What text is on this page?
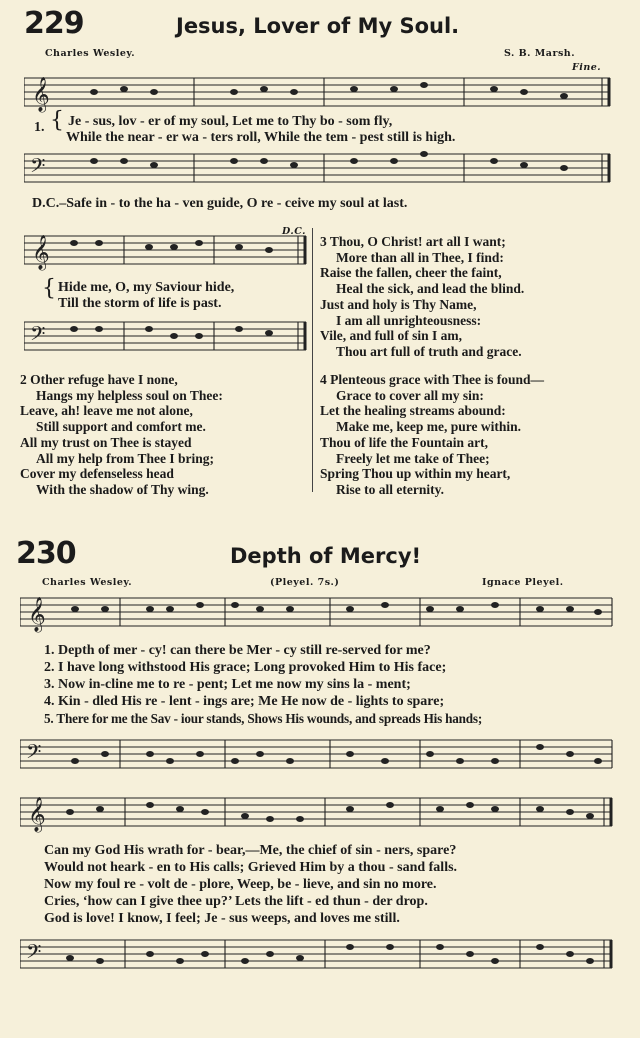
229	Jesus, Lover of My Soul.
Charles Wesley.	S. B. Marsh.
Fine.
𝄞
{
1. Je - sus, lov - er of my soul, Let me to Thy bo - som fly,
While the near - er wa - ters roll, While the tem - pest still is high.
𝄢
D.C.–Safe in - to the ha - ven guide, O re - ceive my soul at last.
D.C.
𝄞
{ Hide me, O, my Saviour hide,
Till the storm of life is past.
𝄢
3 Thou, O Christ! art all I want;
More than all in Thee, I find:
Raise the fallen, cheer the faint,
Heal the sick, and lead the blind.
Just and holy is Thy Name,
I am all unrighteousness:
Vile, and full of sin I am,
Thou art full of truth and grace.
2 Other refuge have I none,
Hangs my helpless soul on Thee:
Leave, ah! leave me not alone,
Still support and comfort me.
All my trust on Thee is stayed
All my help from Thee I bring;
Cover my defenseless head
With the shadow of Thy wing.
4 Plenteous grace with Thee is found—
Grace to cover all my sin:
Let the healing streams abound:
Make me, keep me, pure within.
Thou of life the Fountain art,
Freely let me take of Thee;
Spring Thou up within my heart,
Rise to all eternity.
230	Depth of Mercy!
Charles Wesley.	(Pleyel. 7s.)	Ignace Pleyel.
𝄞
1. Depth of mer - cy! can there be Mer - cy still re-served for me?
2. I have long withstood His grace; Long provoked Him to His face;
3. Now in-cline me to re - pent; Let me now my sins la - ment;
4. Kin - dled His re - lent - ings are; Me He now de - lights to spare;
5. There for me the Sav - iour stands, Shows His wounds, and spreads His hands;
𝄢
𝄞
Can my God His wrath for - bear,—Me, the chief of sin - ners, spare?
Would not heark - en to His calls; Grieved Him by a thou - sand falls.
Now my foul re - volt de - plore, Weep, be - lieve, and sin no more.
Cries, ‘how can I give thee up?’ Lets the lift - ed thun - der drop.
God is love! I know, I feel; Je - sus weeps, and loves me still.
𝄢
